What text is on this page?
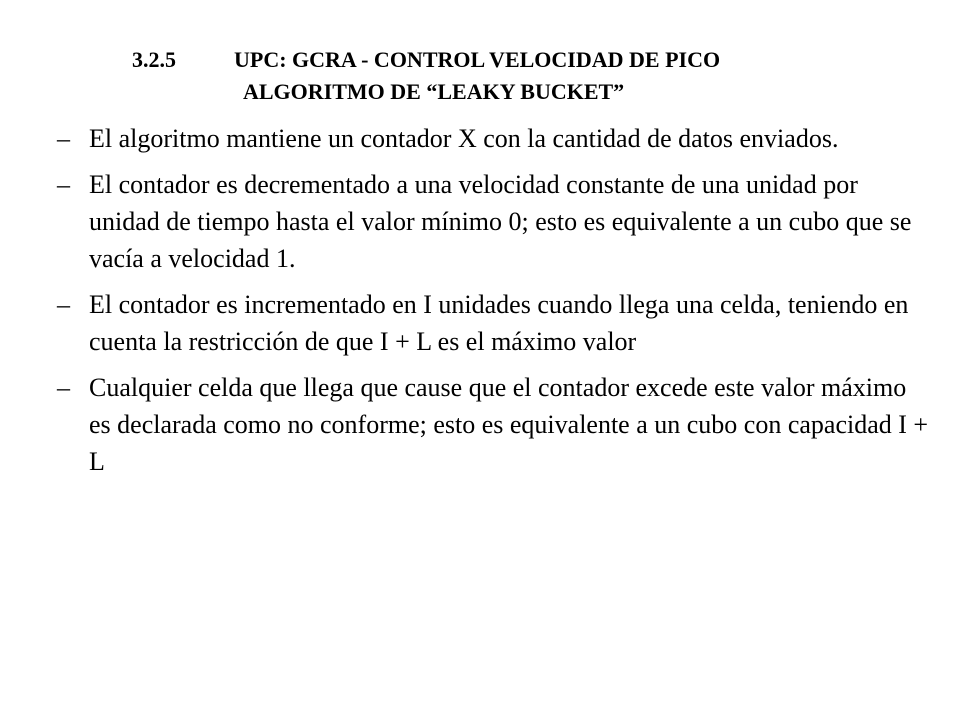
3.2.5	UPC: GCRA - CONTROL VELOCIDAD DE PICO
ALGORITMO DE “LEAKY BUCKET”
– El algoritmo mantiene un contador X con la cantidad de datos enviados.
– El contador es decrementado a una velocidad constante de una unidad por unidad de tiempo hasta el valor mínimo 0; esto es equivalente a un cubo que se vacía a velocidad 1.
– El contador es incrementado en I unidades cuando llega una celda, teniendo en cuenta la restricción de que I + L es el máximo valor
– Cualquier celda que llega que cause que el contador excede este valor máximo es declarada como no conforme; esto es equivalente a un cubo con capacidad I + L
